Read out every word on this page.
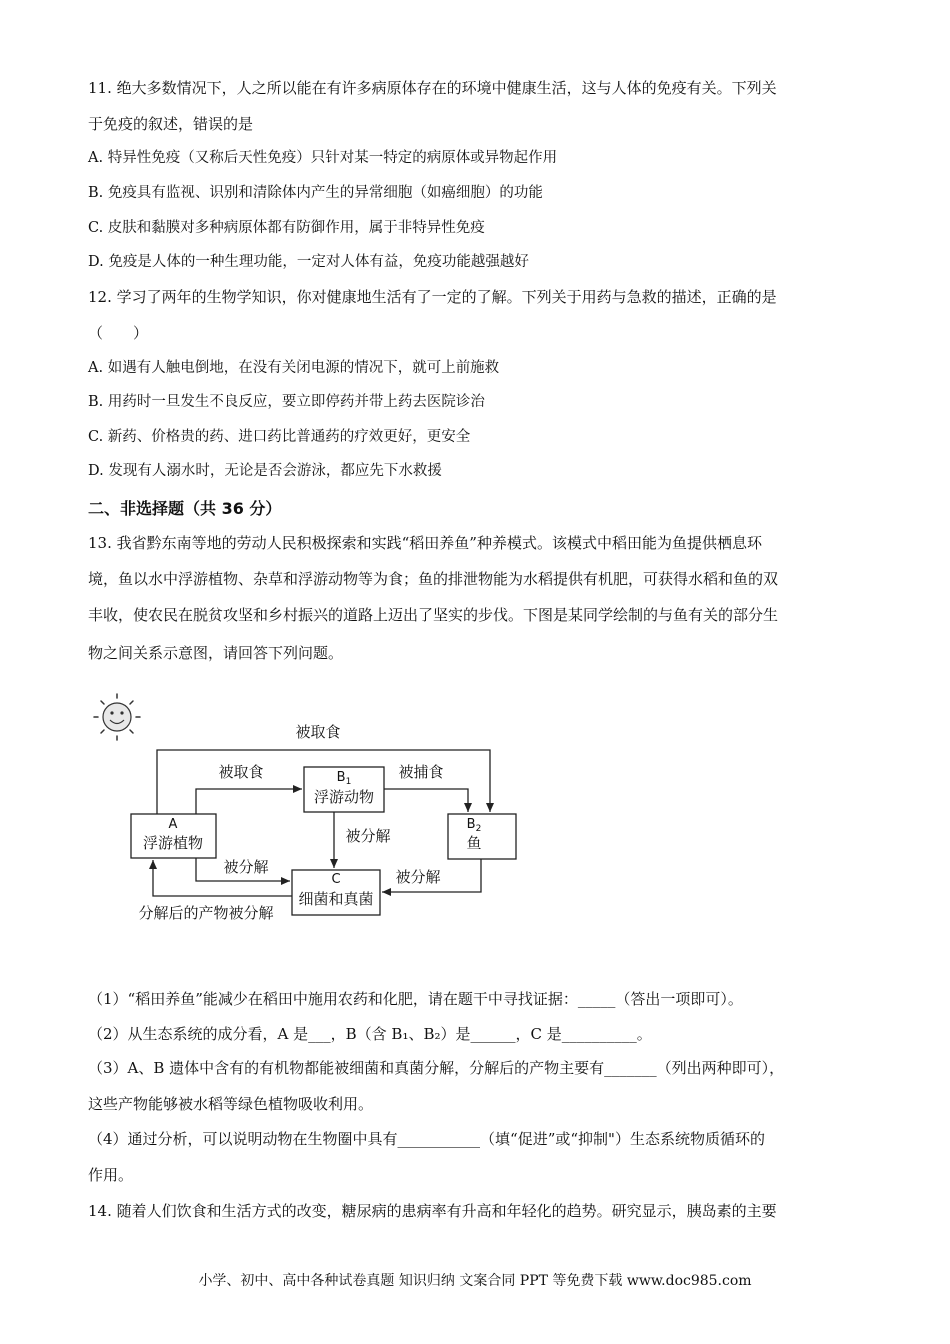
11. 绝大多数情况下，人之所以能在有许多病原体存在的环境中健康生活，这与人体的免疫有关。下列关
于免疫的叙述，错误的是
A. 特异性免疫（又称后天性免疫）只针对某一特定的病原体或异物起作用
B. 免疫具有监视、识别和清除体内产生的异常细胞（如癌细胞）的功能
C. 皮肤和黏膜对多种病原体都有防御作用，属于非特异性免疫
D. 免疫是人体的一种生理功能，一定对人体有益，免疫功能越强越好
12. 学习了两年的生物学知识，你对健康地生活有了一定的了解。下列关于用药与急救的描述，正确的是
（　　）
A. 如遇有人触电倒地，在没有关闭电源的情况下，就可上前施救
B. 用药时一旦发生不良反应，要立即停药并带上药去医院诊治
C. 新药、价格贵的药、进口药比普通药的疗效更好，更安全
D. 发现有人溺水时，无论是否会游泳，都应先下水救援
二、非选择题（共 36 分）
13. 我省黔东南等地的劳动人民积极探索和实践“稻田养鱼”种养模式。该模式中稻田能为鱼提供栖息环
境，鱼以水中浮游植物、杂草和浮游动物等为食；鱼的排泄物能为水稻提供有机肥，可获得水稻和鱼的双
丰收，使农民在脱贫攻坚和乡村振兴的道路上迈出了坚实的步伐。下图是某同学绘制的与鱼有关的部分生
物之间关系示意图，请回答下列问题。
A
浮游植物
$B_1$
浮游动物
$B_2$
鱼
C
细菌和真菌
被取食
被取食	被捕食
被分解
被分解
被分解
分解后的产物被分解
（1）“稻田养鱼”能减少在稻田中施用农药和化肥，请在题干中寻找证据：_____（答出一项即可）。
（2）从生态系统的成分看，A 是___，B（含 B₁、B₂）是______，C 是__________。
（3）A、B 遗体中含有的有机物都能被细菌和真菌分解，分解后的产物主要有_______（列出两种即可），
这些产物能够被水稻等绿色植物吸收利用。
（4）通过分析，可以说明动物在生物圈中具有___________（填“促进”或“抑制"）生态系统物质循环的
作用。
14. 随着人们饮食和生活方式的改变，糖尿病的患病率有升高和年轻化的趋势。研究显示，胰岛素的主要
小学、初中、高中各种试卷真题 知识归纳 文案合同 PPT 等免费下载 www.doc985.com
